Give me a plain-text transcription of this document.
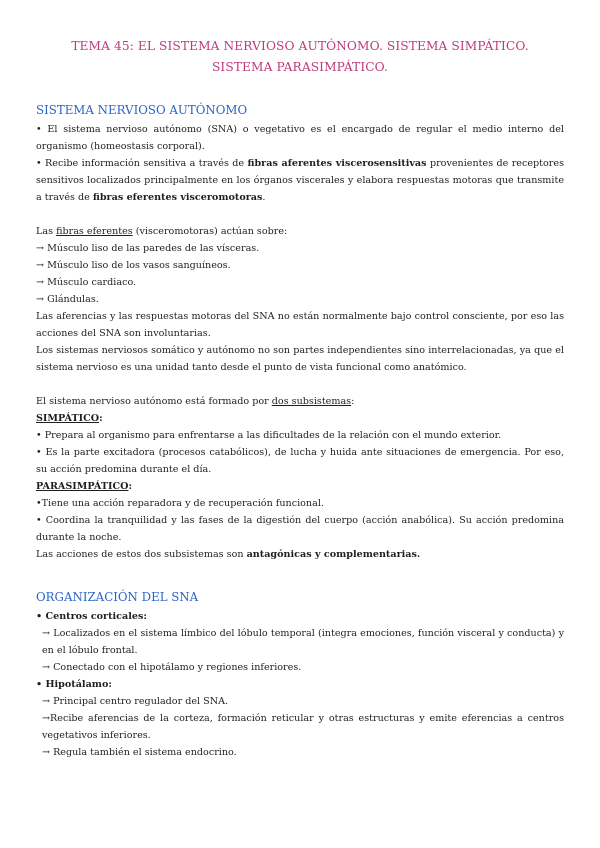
TEMA 45: EL SISTEMA NERVIOSO AUTÓNOMO. SISTEMA SIMPÁTICO. SISTEMA PARASIMPÁTICO.
SISTEMA NERVIOSO AUTÓNOMO

• El sistema nervioso autónomo (SNA) o vegetativo es el encargado de regular el medio interno del organismo (homeostasis corporal).

• Recibe información sensitiva a través de fibras aferentes viscerosensitivas provenientes de receptores sensitivos localizados principalmente en los órganos viscerales y elabora respuestas motoras que transmite a través de fibras eferentes visceromotoras.

Las fibras eferentes (visceromotoras) actúan sobre:

→ Músculo liso de las paredes de las vísceras.

→ Músculo liso de los vasos sanguíneos.

→ Músculo cardiaco.

→ Glándulas.

Las aferencias y las respuestas motoras del SNA no están normalmente bajo control consciente, por eso las acciones del SNA son involuntarias.

Los sistemas nerviosos somático y autónomo no son partes independientes sino interrelacionadas, ya que el sistema nervioso es una unidad tanto desde el punto de vista funcional como anatómico.

El sistema nervioso autónomo está formado por dos subsistemas:

SIMPÁTICO:

• Prepara al organismo para enfrentarse a las dificultades de la relación con el mundo exterior.

• Es la parte excitadora (procesos catabólicos), de lucha y huida ante situaciones de emergencia. Por eso, su acción predomina durante el día.

PARASIMPÁTICO:

•Tiene una acción reparadora y de recuperación funcional.

• Coordina la tranquilidad y las fases de la digestión del cuerpo (acción anabólica). Su acción predomina durante la noche.

Las acciones de estos dos subsistemas son antagónicas y complementarias.

ORGANIZACIÓN DEL SNA

• Centros corticales:

→ Localizados en el sistema límbico del lóbulo temporal (integra emociones, función visceral y conducta) y en el lóbulo frontal.

→ Conectado con el hipotálamo y regiones inferiores.

• Hipotálamo:

→ Principal centro regulador del SNA.

→Recibe aferencias de la corteza, formación reticular y otras estructuras y emite eferencias a centros vegetativos inferiores.

→ Regula también el sistema endocrino.
